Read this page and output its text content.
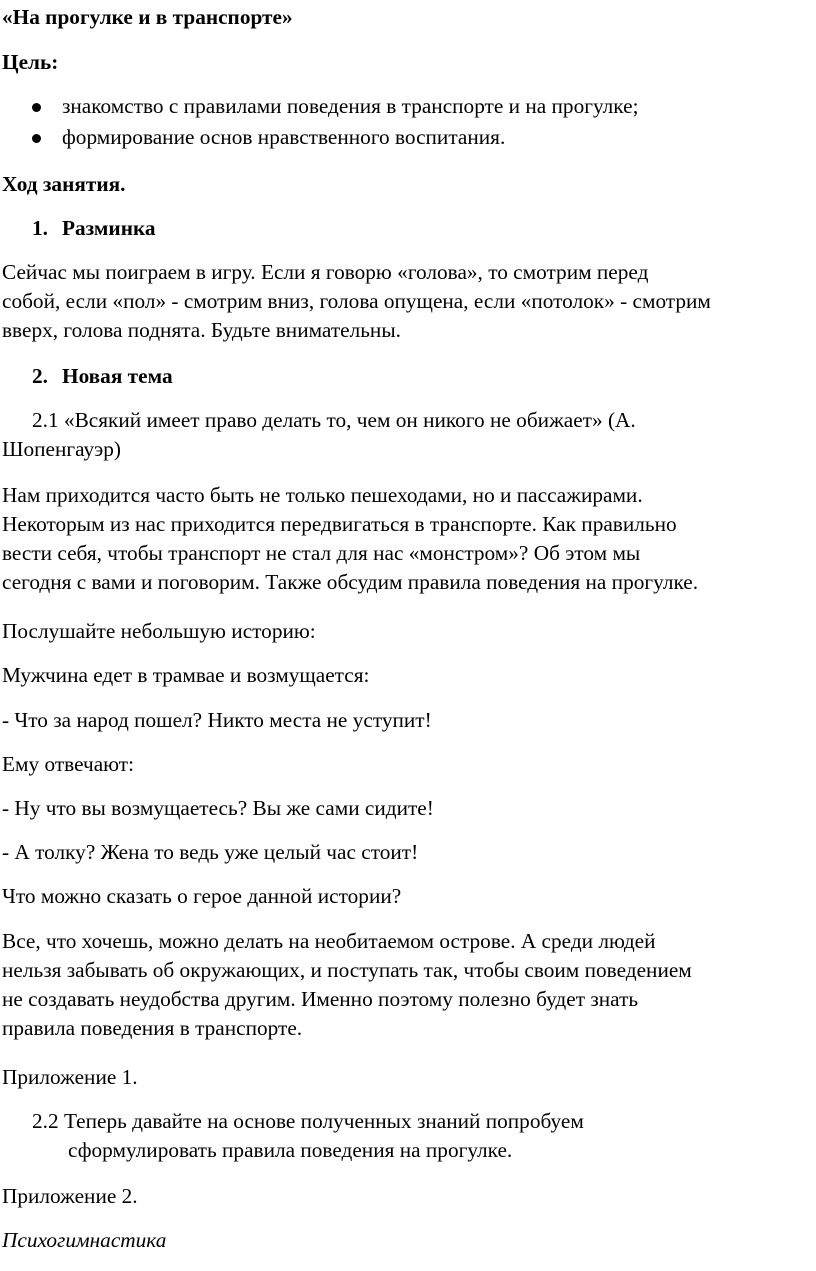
«На прогулке и в транспорте»

Цель:

знакомство с правилами поведения в транспорте и на прогулке;
формирование основ нравственного воспитания.

Ход занятия.

1. Разминка

Сейчас мы поиграем в игру. Если я говорю «голова», то смотрим перед

собой, если «пол» - смотрим вниз, голова опущена, если «потолок» - смотрим

вверх, голова поднята. Будьте внимательны.

2. Новая тема

2.1 «Всякий имеет право делать то, чем он никого не обижает» (А.

Шопенгауэр)

Нам приходится часто быть не только пешеходами, но и пассажирами.

Некоторым из нас приходится передвигаться в транспорте. Как правильно

вести себя, чтобы транспорт не стал для нас «монстром»? Об этом мы

сегодня с вами и поговорим. Также обсудим правила поведения на прогулке.

Послушайте небольшую историю:

Мужчина едет в трамвае и возмущается:

- Что за народ пошел? Никто места не уступит!

Ему отвечают:

- Ну что вы возмущаетесь? Вы же сами сидите!

- А толку? Жена то ведь уже целый час стоит!

Что можно сказать о герое данной истории?

Все, что хочешь, можно делать на необитаемом острове. А среди людей

нельзя забывать об окружающих, и поступать так, чтобы своим поведением

не создавать неудобства другим. Именно поэтому полезно будет знать

правила поведения в транспорте.

Приложение 1.

2.2 Теперь давайте на основе полученных знаний попробуем
сформулировать правила поведения на прогулке.

Приложение 2.

Психогимнастика
